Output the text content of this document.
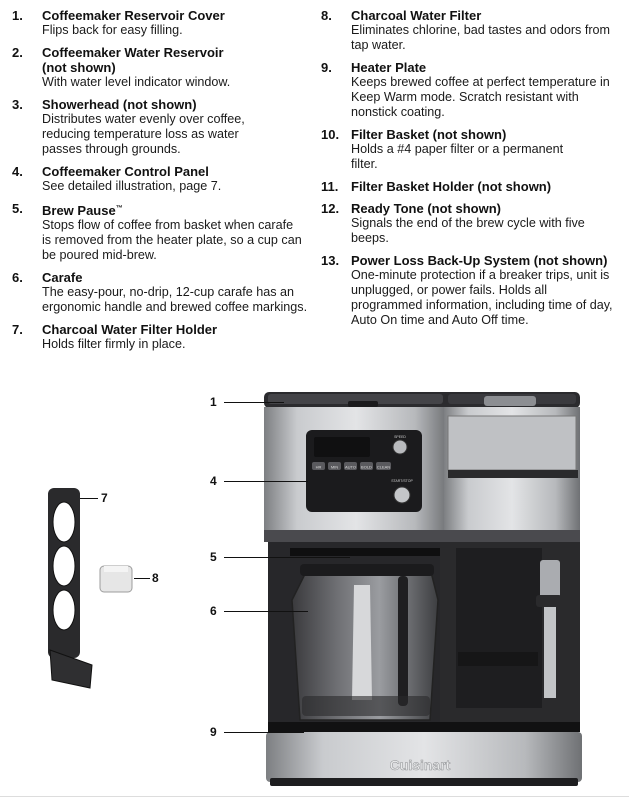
1. Coffeemaker Reservoir Cover
Flips back for easy filling.
2. Coffeemaker Water Reservoir (not shown)
With water level indicator window.
3. Showerhead (not shown)
Distributes water evenly over coffee, reducing temperature loss as water passes through grounds.
4. Coffeemaker Control Panel
See detailed illustration, page 7.
5. Brew Pause™
Stops flow of coffee from basket when carafe is removed from the heater plate, so a cup can be poured mid-brew.
6. Carafe
The easy-pour, no-drip, 12-cup carafe has an ergonomic handle and brewed coffee markings.
7. Charcoal Water Filter Holder
Holds filter firmly in place.
8. Charcoal Water Filter
Eliminates chlorine, bad tastes and odors from tap water.
9. Heater Plate
Keeps brewed coffee at perfect temperature in Keep Warm mode. Scratch resistant with nonstick coating.
10. Filter Basket (not shown)
Holds a #4 paper filter or a permanent filter.
11. Filter Basket Holder (not shown)
12. Ready Tone (not shown)
Signals the end of the brew cycle with five beeps.
13. Power Loss Back-Up System (not shown)
One-minute protection if a breaker trips, unit is unplugged, or power fails. Holds all programmed information, including time of day, Auto On time and Auto Off time.
HR MIN AUTO BOLD CLEAN
SPEED
START/STOP
Cuisinart
1
4
5
6
9
7
8
